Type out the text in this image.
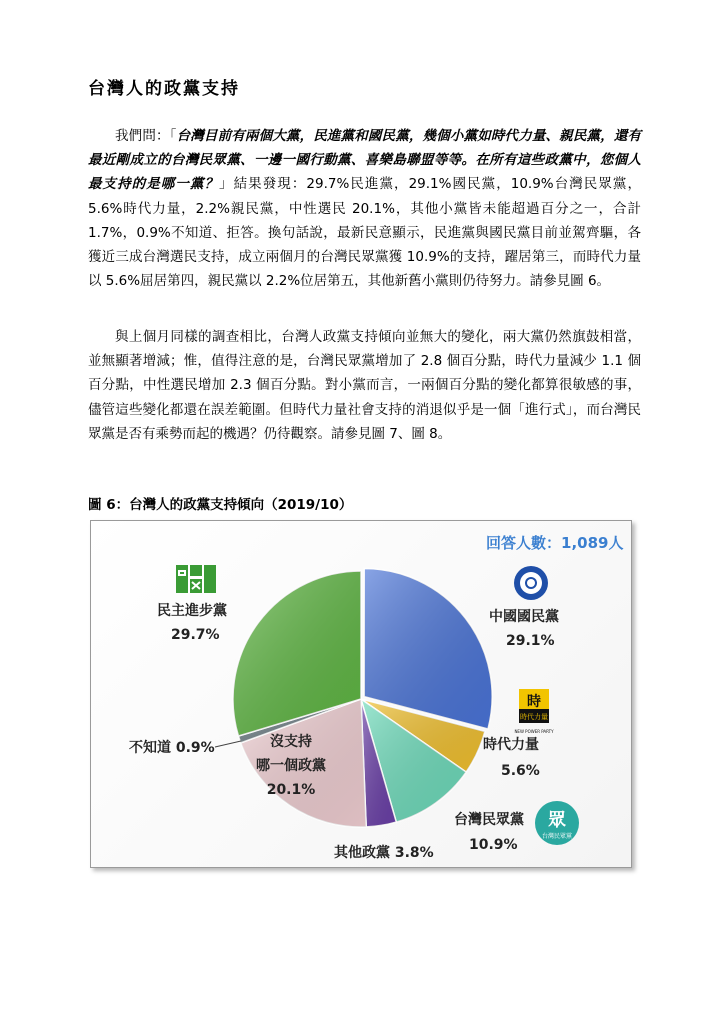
台灣人的政黨支持

我們問：「台灣目前有兩個大黨，民進黨和國民黨，幾個小黨如時代力量、親民黨，還有最近剛成立的台灣民眾黨、一邊一國行動黨、喜樂島聯盟等等。在所有這些政黨中，您個人最支持的是哪一黨？」結果發現：29.7%民進黨，29.1%國民黨，10.9%台灣民眾黨，5.6%時代力量，2.2%親民黨，中性選民 20.1%，其他小黨皆未能超過百分之一，合計 1.7%，0.9%不知道、拒答。換句話說，最新民意顯示，民進黨與國民黨目前並駕齊驅，各獲近三成台灣選民支持，成立兩個月的台灣民眾黨獲 10.9%的支持，躍居第三，而時代力量以 5.6%屈居第四，親民黨以 2.2%位居第五，其他新舊小黨則仍待努力。請參見圖 6。

與上個月同樣的調查相比，台灣人政黨支持傾向並無大的變化，兩大黨仍然旗鼓相當，並無顯著增減；惟，值得注意的是，台灣民眾黨增加了 2.8 個百分點，時代力量減少 1.1 個百分點，中性選民增加 2.3 個百分點。對小黨而言，一兩個百分點的變化都算很敏感的事，儘管這些變化都還在誤差範圍。但時代力量社會支持的消退似乎是一個「進行式」，而台灣民眾黨是否有乘勢而起的機遇？仍待觀察。請參見圖 7、圖 8。

圖 6：台灣人的政黨支持傾向（2019/10）
回答人數：1,089人
民主進步黨
29.7%
中國國民黨
29.1%
時
時代力量
NEW POWER PARTY
時代力量
5.6%
眾
台灣民眾黨
台灣民眾黨
10.9%
其他政黨 3.8%
沒支持
哪一個政黨
20.1%
不知道 0.9%
